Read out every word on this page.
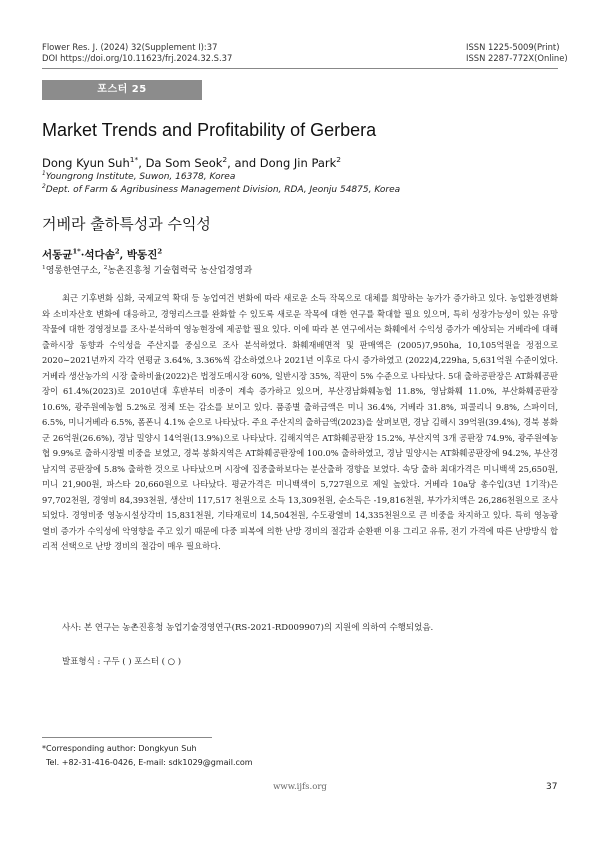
Flower Res. J. (2024) 32(Supplement I):37
DOI https://doi.org/10.11623/frj.2024.32.S.37
ISSN 1225-5009(Print)
ISSN 2287-772X(Online)
포스터 25
Market Trends and Profitability of Gerbera
Dong Kyun Suh$^{1*}$, Da Som Seok$^2$, and Dong Jin Park$^2$
$^1$Youngrong Institute, Suwon, 16378, Korea
$^2$Dept. of Farm & Agribusiness Management Division, RDA, Jeonju 54875, Korea
거베라 출하특성과 수익성
서동균$^{1*}$·석다솜$^2$, 박동진$^2$
$^1$영롱한연구소, $^2$농촌진흥청 기술협력국 농산업경영과
최근 기후변화 심화, 국제교역 확대 등 농업여건 변화에 따라 새로운 소득 작목으로 대체를 희망하는 농가가 증가하고 있다. 농업환경변화와 소비자산호 변화에 대응하고, 경영리스크를 완화할 수 있도록 새로운 작목에 대한 연구를 확대할 필요 있으며, 특히 성장가능성이 있는 유망작물에 대한 경영정보를 조사·분석하여 영농현장에 제공할 필요 있다. 이에 따라 본 연구에서는 화훼에서 수익성 증가가 예상되는 거베라에 대해 출하시장 동향과 수익성을 주산지를 중심으로 조사 분석하였다. 화훼재배면적 및 판매액은 (2005)7,950ha, 10,105억원을 정점으로 2020∼2021년까지 각각 연평균 3.64%, 3.36%씩 감소하였으나 2021년 이후로 다시 증가하였고 (2022)4,229ha, 5,631억원 수준이었다. 거베라 생산농가의 시장 출하비율(2022)은 법정도매시장 60%, 일반시장 35%, 직판이 5% 수준으로 나타났다. 5대 출하공판장은 AT화훼공판장이 61.4%(2023)로 2010년대 후반부터 비중이 계속 증가하고 있으며, 부산경남화훼농협 11.8%, 영남화훼 11.0%, 부산화훼공판장 10.6%, 광주원예농협 5.2%로 정체 또는 감소를 보이고 있다. 품종별 출하금액은 미니 36.4%, 거베라 31.8%, 피콜리니 9.8%, 스파이더, 6.5%, 미니거베라 6.5%, 폼폰니 4.1% 순으로 나타났다. 주요 주산지의 출하금액(2023)을 살펴보면, 경남 김해시 39억원(39.4%), 경북 봉화군 26억원(26.6%), 경남 밀양시 14억원(13.9%)으로 나타났다. 김해지역은 AT화훼공판장 15.2%, 부산지역 3개 공판장 74.9%, 광주원예농협 9.9%로 출하시장별 비중을 보였고, 경북 봉화지역은 AT화훼공판장에 100.0% 출하하였고, 경남 밀양시는 AT화훼공판장에 94.2%, 부산경남지역 공판장에 5.8% 출하한 것으로 나타났으며 시장에 집중출하보다는 분산출하 경향을 보였다. 속당 출하 최대가격은 미니백색 25,650원, 미니 21,900원, 파스타 20,660원으로 나타났다. 평균가격은 미니백색이 5,727원으로 제일 높았다. 거베라 10a당 총수입(3년 1기작)은 97,702천원, 경영비 84,393천원, 생산비 117,517 천원으로 소득 13,309천원, 순소득은 -19,816천원, 부가가치액은 26,286천원으로 조사되었다. 경영비중 영농시설상각비 15,831천원, 기타재료비 14,504천원, 수도광열비 14,335천원으로 큰 비중을 차지하고 있다. 특히 영농광열비 증가가 수익성에 악영향을 주고 있기 때문에 다중 피복에 의한 난방 경비의 절감과 순환팬 이용 그리고 유류, 전기 가격에 따른 난방방식 합리적 선택으로 난방 경비의 절감이 매우 필요하다.
사사: 본 연구는 농촌진흥청 농업기술경영연구(RS-2021-RD009907)의 지원에 의하여 수행되었음.
발표형식 : 구두 ( ) 포스터 ( ○ )
*Corresponding author: Dongkyun Suh
Tel. +82-31-416-0426, E-mail: sdk1029@gmail.com
www.ijfs.org	37
